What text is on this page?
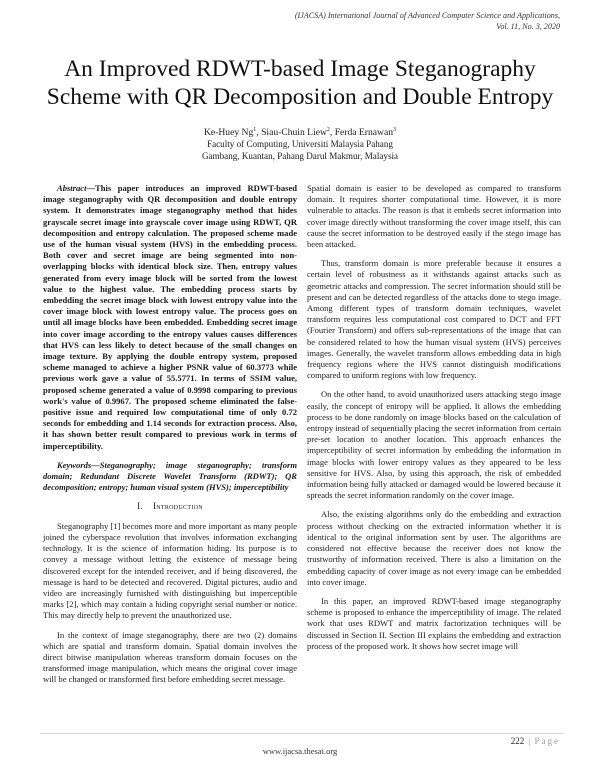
(IJACSA) International Journal of Advanced Computer Science and Applications,
Vol. 11, No. 3, 2020
An Improved RDWT-based Image Steganography
Scheme with QR Decomposition and Double Entropy
Ke-Huey Ng$^1$, Siau-Chuin Liew$^2$, Ferda Ernawan$^3$
Faculty of Computing, Universiti Malaysia Pahang
Gambang, Kuantan, Pahang Darul Makmur, Malaysia

Abstract—This paper introduces an improved RDWT-based image steganography with QR decomposition and double entropy system. It demonstrates image steganography method that hides grayscale secret image into grayscale cover image using RDWT, QR decomposition and entropy calculation. The proposed scheme made use of the human visual system (HVS) in the embedding process. Both cover and secret image are being segmented into non-overlapping blocks with identical block size. Then, entropy values generated from every image block will be sorted from the lowest value to the highest value. The embedding process starts by embedding the secret image block with lowest entropy value into the cover image block with lowest entropy value. The process goes on until all image blocks have been embedded. Embedding secret image into cover image according to the entropy values causes differences that HVS can less likely to detect because of the small changes on image texture. By applying the double entropy system, proposed scheme managed to achieve a higher PSNR value of 60.3773 while previous work gave a value of 55.5771. In terms of SSIM value, proposed scheme generated a value of 0.9998 comparing to previous work's value of 0.9967. The proposed scheme eliminated the false-positive issue and required low computational time of only 0.72 seconds for embedding and 1.14 seconds for extraction process. Also, it has shown better result compared to previous work in terms of imperceptibility.

Keywords—Steganography; image steganography; transform domain; Redundant Discrete Wavelet Transform (RDWT); QR decomposition; entropy; human visual system (HVS); imperceptibility

I. Introduction

Steganography [1] becomes more and more important as many people joined the cyberspace revolution that involves information exchanging technology. It is the science of information hiding. Its purpose is to convey a message without letting the existence of message being discovered except for the intended receiver, and if being discovered, the message is hard to be detected and recovered. Digital pictures, audio and video are increasingly furnished with distinguishing but imperceptible marks [2], which may contain a hiding copyright serial number or notice. This may directly help to prevent the unauthorized use.

In the context of image steganography, there are two (2) domains which are spatial and transform domain. Spatial domain involves the direct bitwise manipulation whereas transform domain focuses on the transformed image manipulation, which means the original cover image will be changed or transformed first before embedding secret message.

Spatial domain is easier to be developed as compared to transform domain. It requires shorter computational time. However, it is more vulnerable to attacks. The reason is that it embeds secret information into cover image directly without transforming the cover image itself, this can cause the secret information to be destroyed easily if the stego image has been attacked.

Thus, transform domain is more preferable because it ensures a certain level of robustness as it withstands against attacks such as geometric attacks and compression. The secret information should still be present and can be detected regardless of the attacks done to stego image. Among different types of transform domain techniques, wavelet transform requires less computational cost compared to DCT and FFT (Fourier Transform) and offers sub-representations of the image that can be considered related to how the human visual system (HVS) perceives images. Generally, the wavelet transform allows embedding data in high frequency regions where the HVS cannot distinguish modifications compared to uniform regions with low frequency.

On the other hand, to avoid unauthorized users attacking stego image easily, the concept of entropy will be applied. It allows the embedding process to be done randomly on image blocks based on the calculation of entropy instead of sequentially placing the secret information from certain pre-set location to another location. This approach enhances the imperceptibility of secret information by embedding the information in image blocks with lower entropy values as they appeared to be less sensitive for HVS. Also, by using this approach, the risk of embedded information being fully attacked or damaged would be lowered because it spreads the secret information randomly on the cover image.

Also, the existing algorithms only do the embedding and extraction process without checking on the extracted information whether it is identical to the original information sent by user. The algorithms are considered not effective because the receiver does not know the trustworthy of information received. There is also a limitation on the embedding capacity of cover image as not every image can be embedded into cover image.

In this paper, an improved RDWT-based image steganography scheme is proposed to enhance the imperceptibility of image. The related work that uses RDWT and matrix factorization techniques will be discussed in Section II. Section III explains the embedding and extraction process of the proposed work. It shows how secret image will

222 | Page
www.ijacsa.thesai.org
